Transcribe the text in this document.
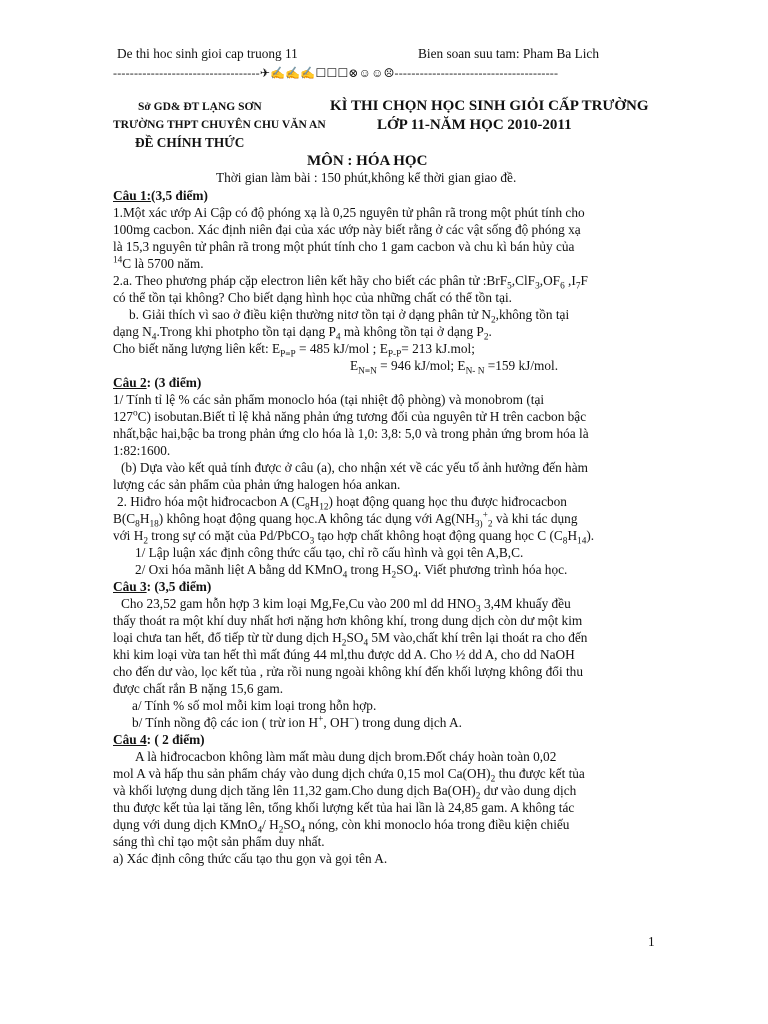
De thi hoc sinh gioi cap truong 11	Bien soan suu tam: Pham Ba Lich
-----------------------------------✈✍✍✍☐☐☐⊗☺☺☹---------------------------------------
Sở GD& ĐT LẠNG SƠN
TRƯỜNG THPT CHUYÊN CHU VĂN AN
ĐỀ CHÍNH THỨC
KÌ THI CHỌN HỌC SINH GIỎI CẤP TRƯỜNG
LỚP 11-NĂM HỌC 2010-2011
MÔN : HÓA HỌC
Thời gian làm bài : 150 phút,không kể thời gian giao đề.
Câu 1:(3,5 điểm)
1.Một xác ướp Ai Cập có độ phóng xạ là 0,25 nguyên tử phân rã trong một phút tính cho
100mg cacbon. Xác định niên đại của xác ướp này biết rằng ở các vật sống độ phóng xạ
là 15,3 nguyên tử phân rã trong một phút tính cho 1 gam cacbon và chu kì bán hủy của
$^{14}$C là 5700 năm.
2.a. Theo phương pháp cặp electron liên kết hãy cho biết các phân tử $:BrF_5,ClF_3,OF_6$ $,I_7F$
có thể tồn tại không? Cho biết dạng hình học của những chất có thể tồn tại.
b. Giải thích vì sao ở điều kiện thường nitơ tồn tại ở dạng phân tử $N_2,không$ tồn tại
dạng $N_4.Trong$ khi photpho tồn tại dạng $P_4$ mà không tồn tại ở dạng $P_2$.
Cho biết năng lượng liên kết: $E_{P\equiv P} = 485$ kJ/mol ; $E_{P-P}= 213$ kJ.mol;
$E_{N\equiv N} = 946$ kJ/mol; $E_{N- N} =159$ kJ/mol.
Câu 2: (3 điểm)
1/ Tính tỉ lệ % các sản phẩm monoclo hóa (tại nhiệt độ phòng) và monobrom (tại
127$^o$C) isobutan.Biết tỉ lệ khả năng phản ứng tương đối của nguyên tử H trên cacbon bậc
nhất,bậc hai,bậc ba trong phản ứng clo hóa là 1,0: 3,8: 5,0 và trong phản ứng brom hóa là
1:82:1600.
(b) Dựa vào kết quả tính được ở câu (a), cho nhận xét về các yếu tố ảnh hưởng đến hàm
lượng các sản phẩm của phản ứng halogen hóa ankan.
2. Hiđro hóa một hiđrocacbon A $(C_8H_{12})$ hoạt động quang học thu được hiđrocacbon
$B(C_8H_{18})$ không hoạt động quang học.A không tác dụng với $Ag(NH_{3)}^+_2$ và khi tác dụng
với $H_2$ trong sự có mặt của Pd/PbCO$_3$ tạo hợp chất không hoạt động quang học C $(C_8H_{14})$.
1/ Lập luận xác định công thức cấu tạo, chỉ rõ cấu hình và gọi tên A,B,C.
2/ Oxi hóa mãnh liệt A bằng dd KMnO$_4$ trong $H_2SO_4$. Viết phương trình hóa học.
Câu 3: (3,5 điểm)
Cho 23,52 gam hỗn hợp 3 kim loại Mg,Fe,Cu vào 200 ml dd $HNO_3$ 3,4M khuấy đều
thấy thoát ra một khí duy nhất hơi nặng hơn không khí, trong dung dịch còn dư một kim
loại chưa tan hết, đổ tiếp từ từ dung dịch $H_2SO_4$ 5M vào,chất khí trên lại thoát ra cho đến
khi kim loại vừa tan hết thì mất đúng 44 ml,thu được dd A. Cho ½ dd A, cho dd NaOH
cho đến dư vào, lọc kết tủa , rửa rồi nung ngoài không khí đến khối lượng không đổi thu
được chất rắn B nặng 15,6 gam.
a/ Tính % số mol mỗi kim loại trong hỗn hợp.
b/ Tính nồng độ các ion ( trừ ion H+, OH−) trong dung dịch A.
Câu 4: ( 2 điểm)
A là hiđrocacbon không làm mất màu dung dịch brom.Đốt cháy hoàn toàn 0,02
mol A và hấp thu sản phẩm cháy vào dung dịch chứa 0,15 mol $Ca(OH)_2$ thu được kết tủa
và khối lượng dung dịch tăng lên 11,32 gam.Cho dung dịch $Ba(OH)_2$ dư vào dung dịch
thu được kết tủa lại tăng lên, tổng khối lượng kết tủa hai lần là 24,85 gam. A không tác
dụng với dung dịch KMnO$_4$/ $H_2SO_4$ nóng, còn khi monoclo hóa trong điều kiện chiếu
sáng thì chỉ tạo một sản phẩm duy nhất.
a) Xác định công thức cấu tạo thu gọn và gọi tên A.
1
